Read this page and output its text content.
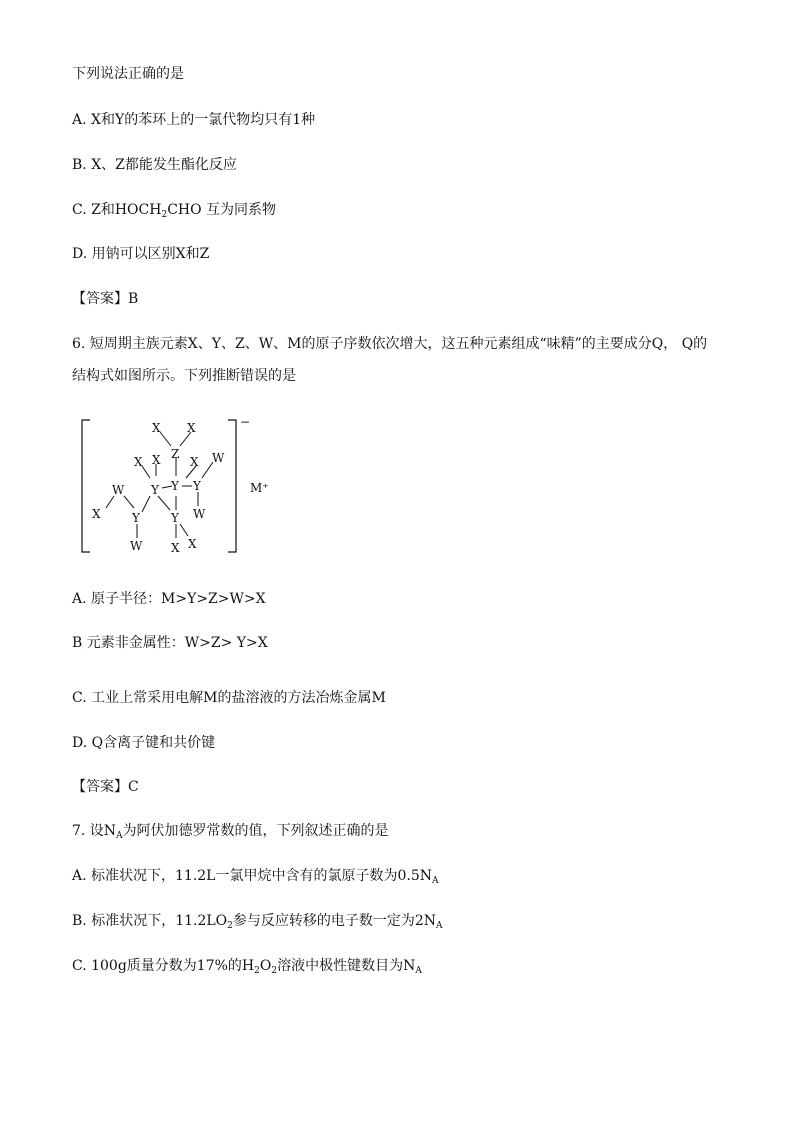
下列说法正确的是
A. X和Y的苯环上的一氯代物均只有1种
B. X、Z都能发生酯化反应
C. Z和$HOCH_2CHO$ 互为同系物
D. 用钠可以区别X和Z
【答案】B
6. 短周期主族元素X、Y、Z、W、M的原子序数依次增大，这五种元素组成“味精”的主要成分Q， Q的
结构式如图所示。下列推断错误的是
−
M⁺
X X
Z
X X X W
Y Y Y
W
W
X	Y	Y
W X X
A. 原子半径：M>Y>Z>W>X
B 元素非金属性：W>Z> Y>X
C. 工业上常采用电解M的盐溶液的方法冶炼金属M
D. Q含离子键和共价键
【答案】C
7. 设$N_A$为阿伏加德罗常数的值，下列叙述正确的是
A. 标准状况下，11.2L一氯甲烷中含有的氯原子数为$0.5N_A$
B. 标准状况下，$11.2LO_2$参与反应转移的电子数一定为$2N_A$
C. 100g质量分数为17%的$H_2O_2$溶液中极性键数目为$N_A$
